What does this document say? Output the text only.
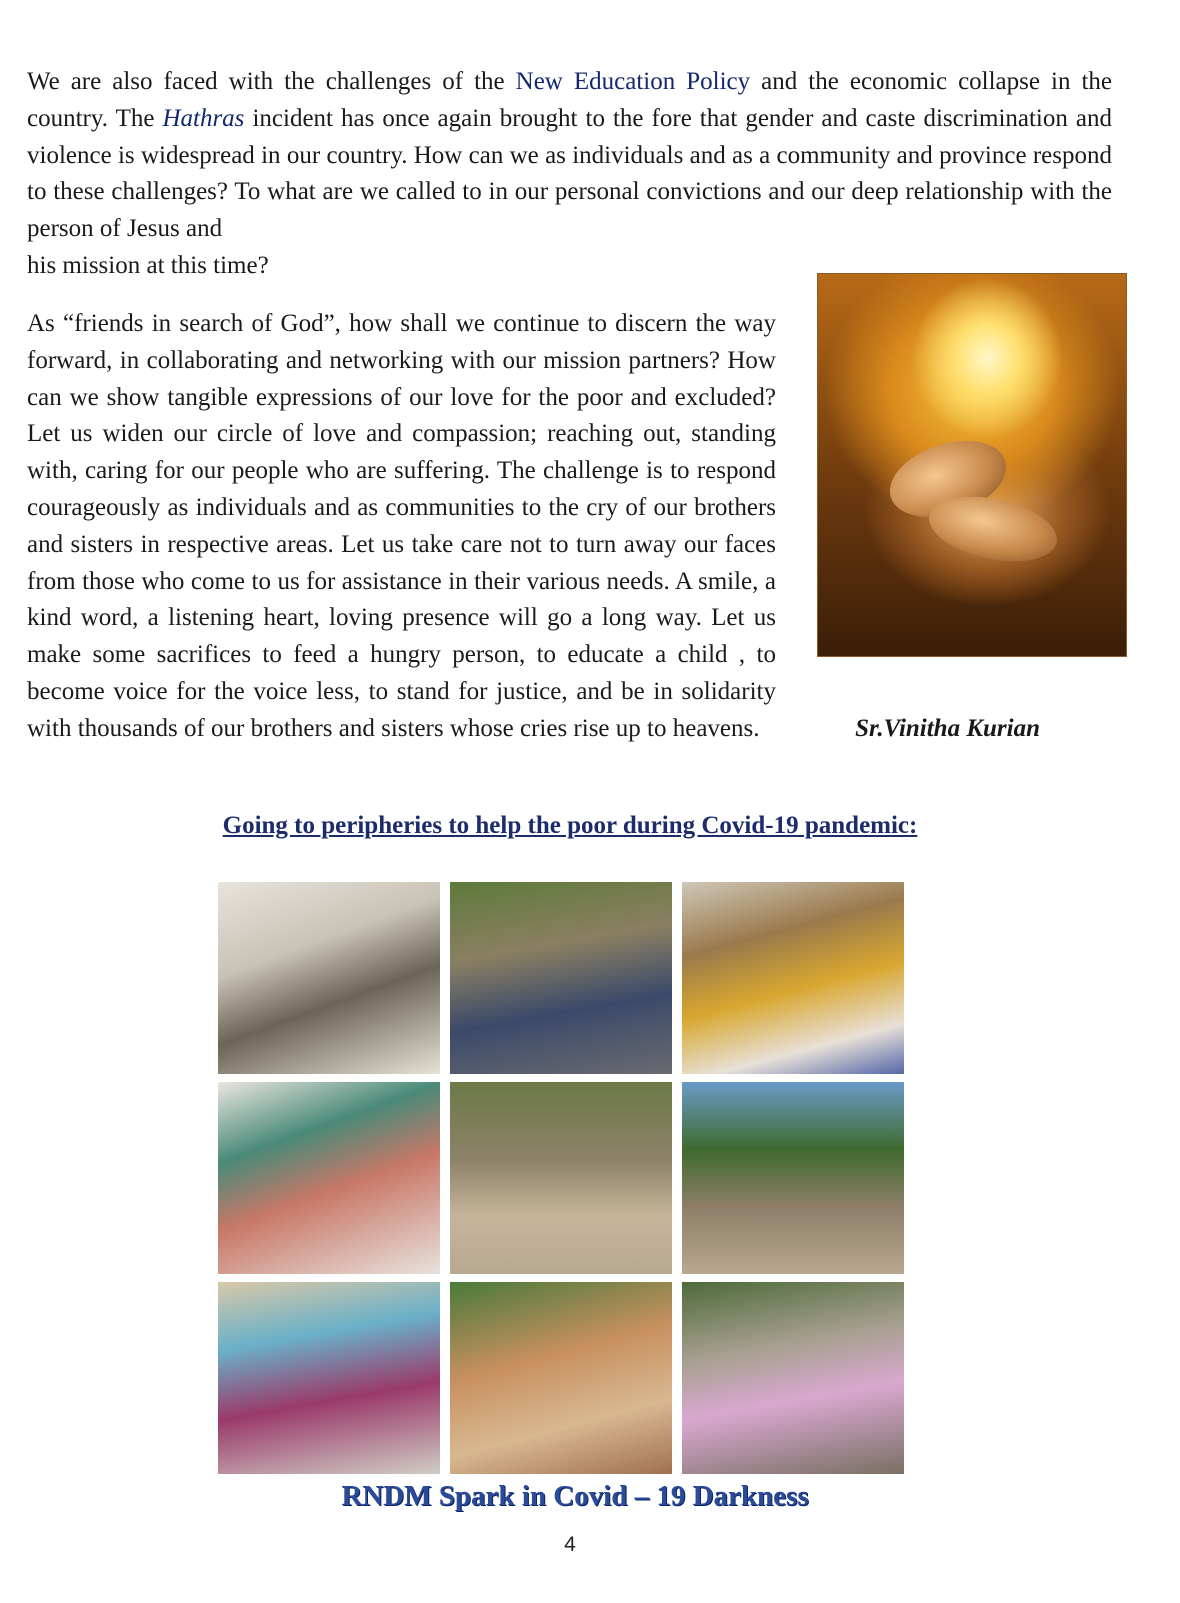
We are also faced with the challenges of the New Education Policy and the economic collapse in the country. The Hathras incident has once again brought to the fore that gender and caste discrimination and violence is widespread in our country. How can we as individuals and as a community and province respond to these challenges? To what are we called to in our personal convictions and our deep relationship with the person of Jesus and

his mission at this time?

As “friends in search of God”, how shall we continue to discern the way forward, in collaborating and networking with our mission partners? How can we show tangible expressions of our love for the poor and excluded? Let us widen our circle of love and compassion; reaching out, standing with, caring for our people who are suffering. The challenge is to respond courageously as individuals and as communities to the cry of our brothers and sisters in respective areas. Let us take care not to turn away our faces from those who come to us for assistance in their various needs. A smile, a kind word, a listening heart, loving presence will go a long way. Let us make some sacrifices to feed a hungry person, to educate a child , to become voice for the voice less, to stand for justice, and be in solidarity with thousands of our brothers and sisters whose cries rise up to heavens.	Sr.Vinitha Kurian

Going to peripheries to help the poor during Covid-19 pandemic:

RNDM Spark in Covid – 19 Darkness

4
